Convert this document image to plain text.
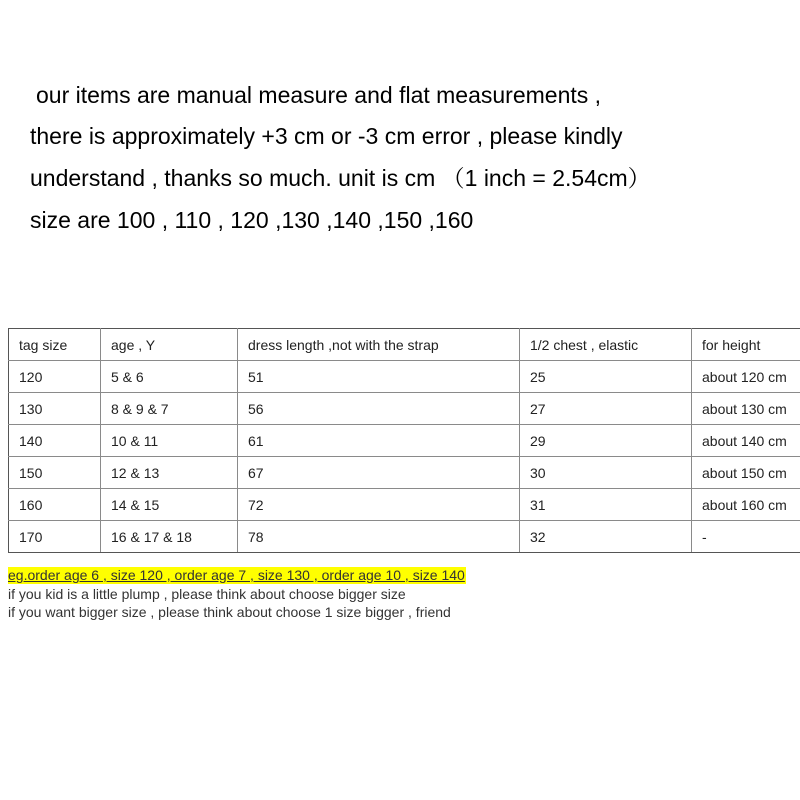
our items are manual measure and flat measurements ,
there is approximately +3 cm or -3 cm error , please kindly
understand , thanks so much. unit is cm （1 inch = 2.54cm）
size are 100 , 110 , 120 ,130 ,140 ,150 ,160
tag size	age , Y	dress length ,not with the strap	1/2 chest , elastic	for height
120	5 & 6	51	25	about 120 cm
130	8 & 9 & 7	56	27	about 130 cm
140	10 & 11	61	29	about 140 cm
150	12 & 13	67	30	about 150 cm
160	14 & 15	72	31	about 160 cm
170	16 & 17 & 18	78	32	-
eg.order age 6 , size 120 , order age 7 , size 130 , order age 10 , size 140
if you kid is a little plump , please think about choose bigger size
if you want bigger size , please think about choose 1 size bigger , friend
